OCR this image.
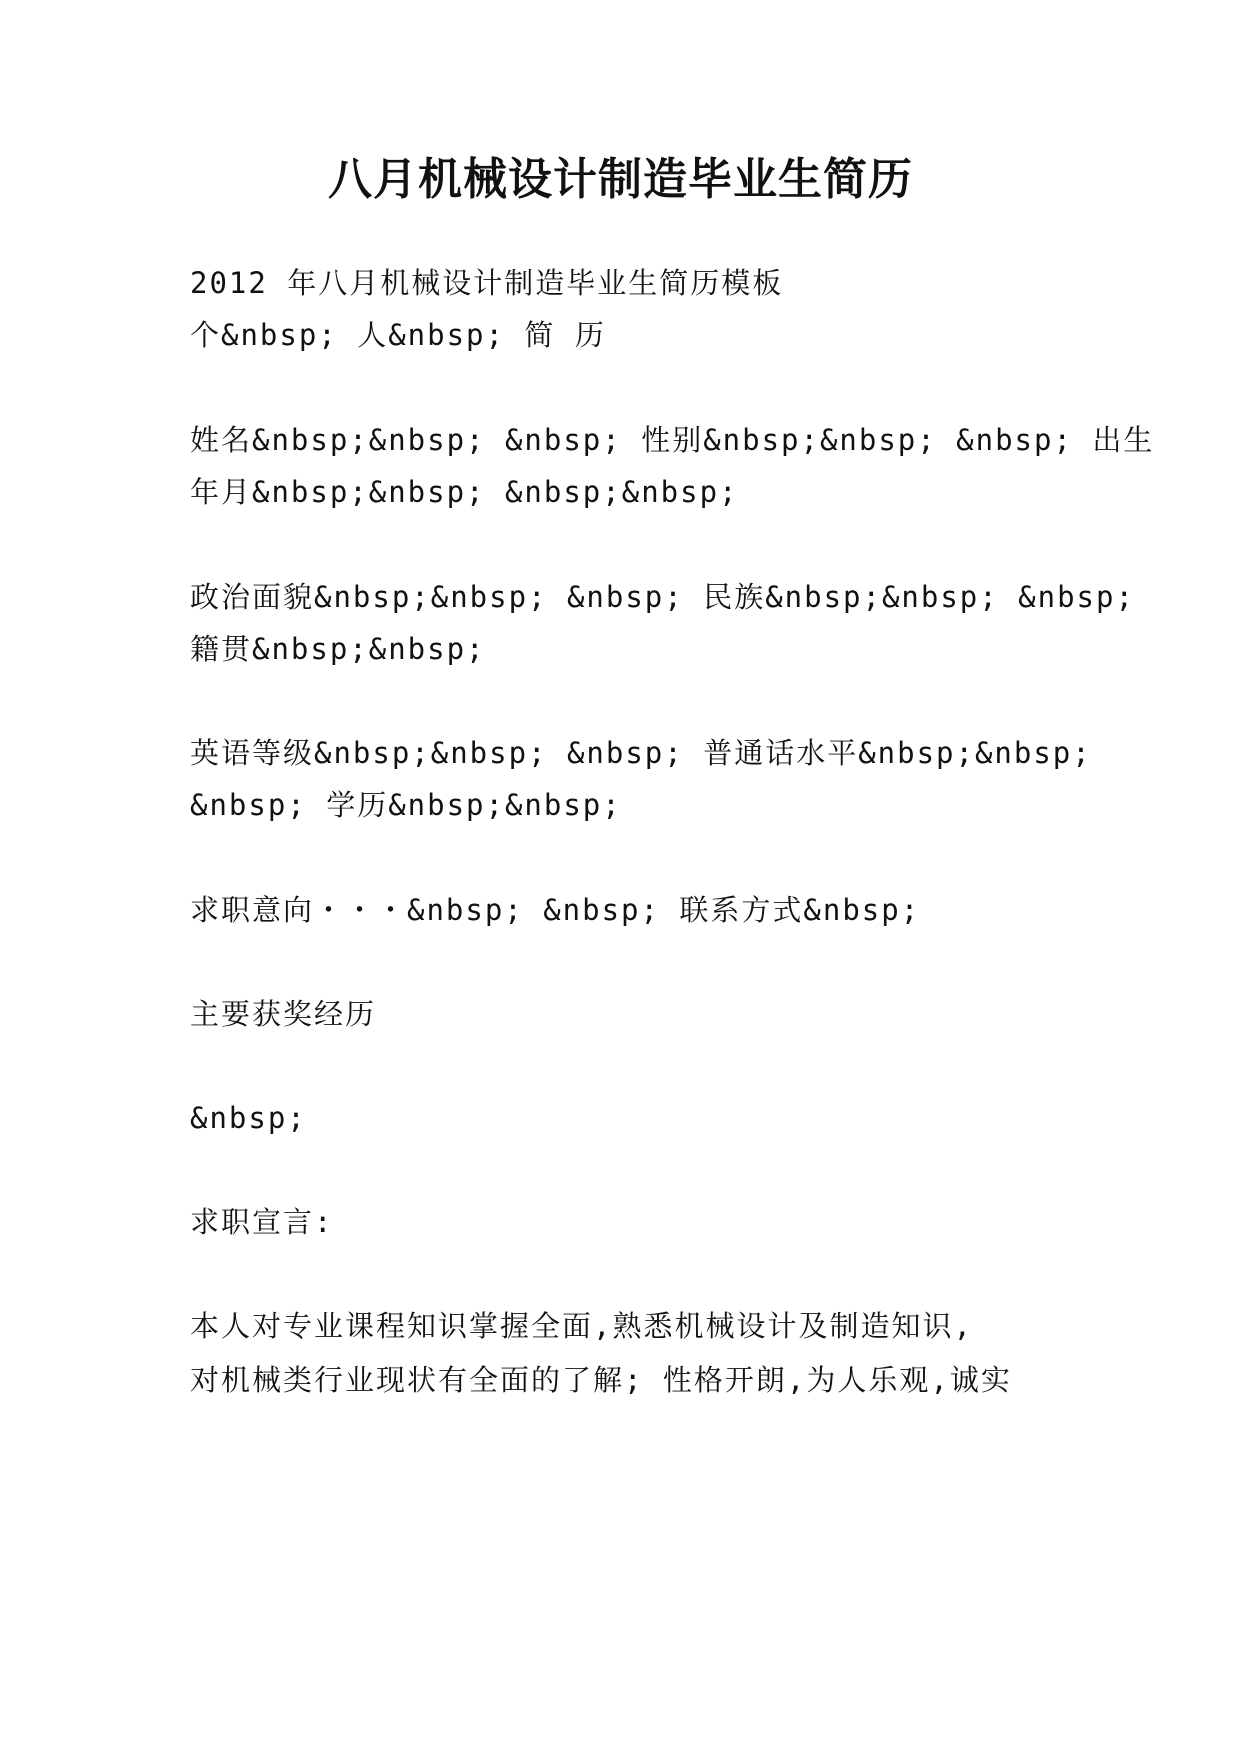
八月机械设计制造毕业生简历

2012 年八月机械设计制造毕业生简历模板

个&nbsp; 人&nbsp; 简 历

姓名&nbsp;&nbsp; &nbsp; 性别&nbsp;&nbsp; &nbsp; 出生

年月&nbsp;&nbsp; &nbsp;&nbsp;

政治面貌&nbsp;&nbsp; &nbsp; 民族&nbsp;&nbsp; &nbsp;

籍贯&nbsp;&nbsp;

英语等级&nbsp;&nbsp; &nbsp; 普通话水平&nbsp;&nbsp;

&nbsp; 学历&nbsp;&nbsp;

求职意向・・・&nbsp; &nbsp; 联系方式&nbsp;

主要获奖经历

&nbsp;

求职宣言:

本人对专业课程知识掌握全面,熟悉机械设计及制造知识,

对机械类行业现状有全面的了解; 性格开朗,为人乐观,诚实
